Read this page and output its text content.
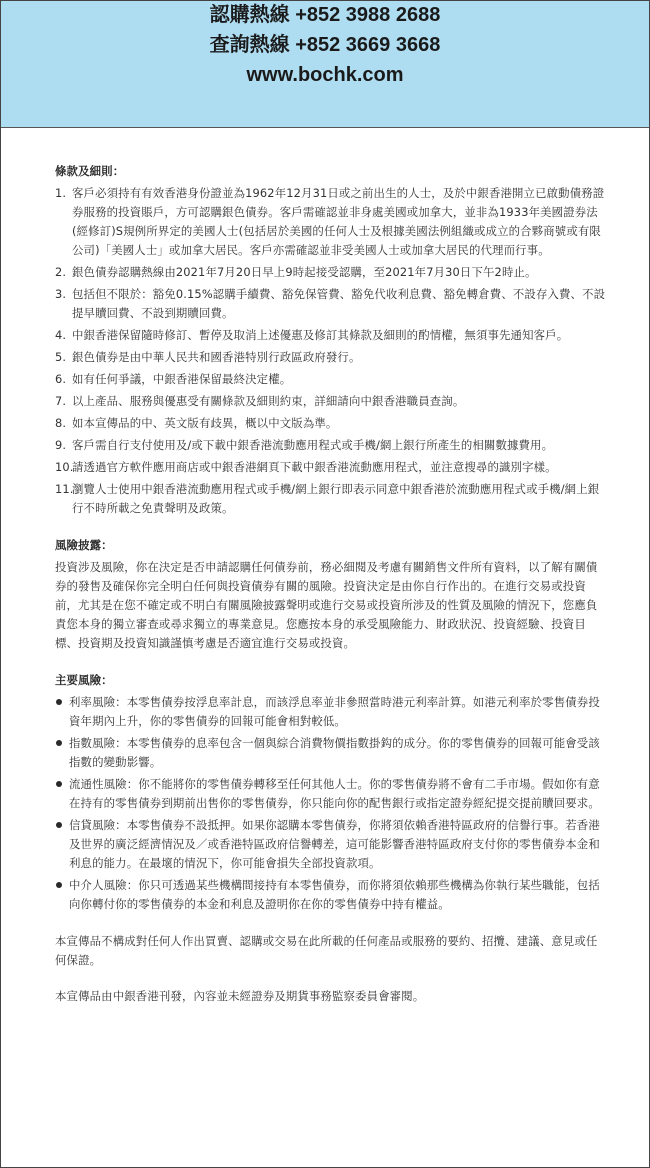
認購熱線 +852 3988 2688
查詢熱線 +852 3669 3668
www.bochk.com

條款及細則：

1. 客戶必須持有有效香港身份證並為1962年12月31日或之前出生的人士，及於中銀香港開立已啟動債務證券服務的投資賬戶，方可認購銀色債券。客戶需確認並非身處美國或加拿大，並非為1933年美國證券法(經修訂)S規例所界定的美國人士(包括居於美國的任何人士及根據美國法例組織或成立的合夥商號或有限公司)「美國人士」或加拿大居民。客戶亦需確認並非受美國人士或加拿大居民的代理而行事。
2. 銀色債券認購熱線由2021年7月20日早上9時起接受認購，至2021年7月30日下午2時止。
3. 包括但不限於：豁免0.15%認購手續費、豁免保管費、豁免代收利息費、豁免轉倉費、不設存入費、不設提早贖回費、不設到期贖回費。
4. 中銀香港保留隨時修訂、暫停及取消上述優惠及修訂其條款及細則的酌情權，無須事先通知客戶。
5. 銀色債券是由中華人民共和國香港特別行政區政府發行。
6. 如有任何爭議，中銀香港保留最終決定權。
7. 以上產品、服務與優惠受有關條款及細則約束，詳細請向中銀香港職員查詢。
8. 如本宣傳品的中、英文版有歧異，概以中文版為準。
9. 客戶需自行支付使用及/或下載中銀香港流動應用程式或手機/網上銀行所產生的相關數據費用。
10.
請透過官方軟件應用商店或中銀香港網頁下載中銀香港流動應用程式，並注意搜尋的識別字樣。
11.
瀏覽人士使用中銀香港流動應用程式或手機/網上銀行即表示同意中銀香港於流動應用程式或手機/網上銀行不時所載之免責聲明及政策。

風險披露：

投資涉及風險，你在決定是否申請認購任何債券前，務必細閱及考慮有關銷售文件所有資料，以了解有關債券的發售及確保你完全明白任何與投資債券有關的風險。投資決定是由你自行作出的。在進行交易或投資前，尤其是在您不確定或不明白有關風險披露聲明或進行交易或投資所涉及的性質及風險的情況下，您應負責您本身的獨立審查或尋求獨立的專業意見。您應按本身的承受風險能力、財政狀況、投資經驗、投資目標、投資期及投資知識謹慎考慮是否適宜進行交易或投資。

主要風險：

利率風險：本零售債券按浮息率計息，而該浮息率並非參照當時港元利率計算。如港元利率於零售債券投資年期內上升，你的零售債券的回報可能會相對較低。
指數風險：本零售債券的息率包含一個與綜合消費物價指數掛鈎的成分。你的零售債券的回報可能會受該指數的變動影響。
流通性風險：你不能將你的零售債券轉移至任何其他人士。你的零售債券將不會有二手市場。假如你有意在持有的零售債券到期前出售你的零售債券，你只能向你的配售銀行或指定證券經紀提交提前贖回要求。
信貸風險：本零售債券不設抵押。如果你認購本零售債券，你將須依賴香港特區政府的信譽行事。若香港及世界的廣泛經濟情況及／或香港特區政府信譽轉差，這可能影響香港特區政府支付你的零售債券本金和利息的能力。在最壞的情況下，你可能會損失全部投資款項。
中介人風險：你只可透過某些機構間接持有本零售債券，而你將須依賴那些機構為你執行某些職能，包括向你轉付你的零售債券的本金和利息及證明你在你的零售債券中持有權益。

本宣傳品不構成對任何人作出買賣、認購或交易在此所載的任何產品或服務的要約、招攬、建議、意見或任何保證。

本宣傳品由中銀香港刊發，內容並未經證券及期貨事務監察委員會審閱。
